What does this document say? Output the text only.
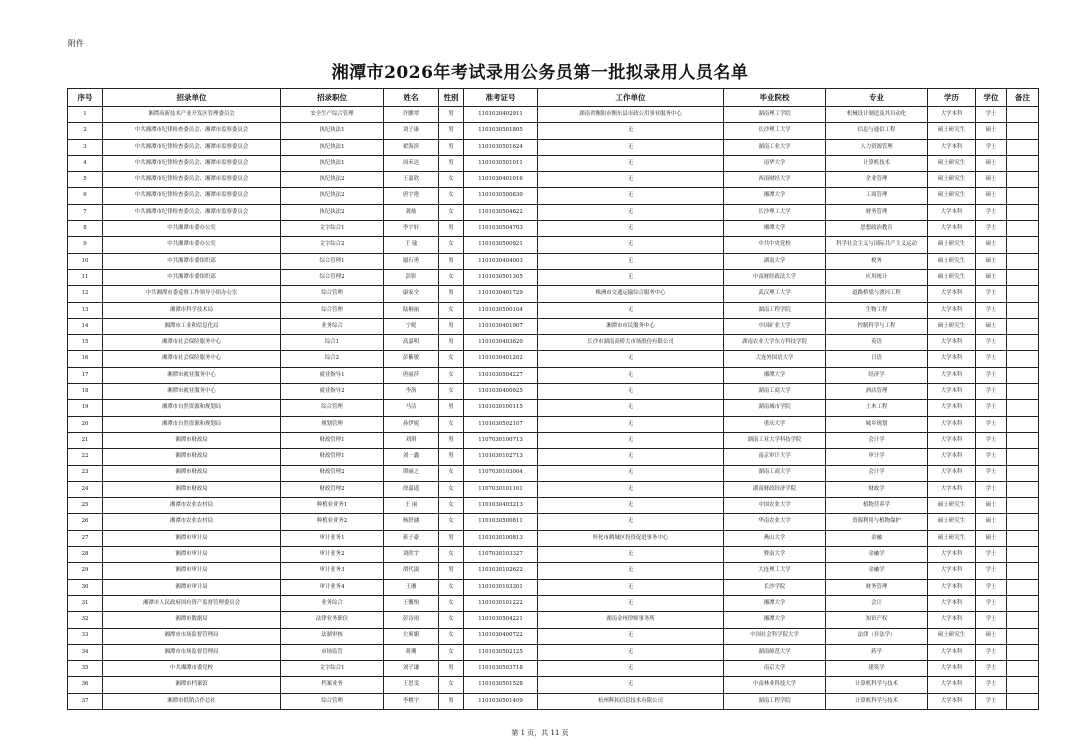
附件
湘潭市2026年考试录用公务员第一批拟录用人员名单
序号	招录单位	招录职位	姓名	性别	准考证号	工作单位	毕业院校	专业	学历	学位	备注
1	湘潭高新技术产业开发区管理委员会	安全生产综合管理	许鹏翠	男	1101030402911	湖南省衡阳市衡东县市政公用事业服务中心	湖南理工学院	机械设计制造及其自动化	大学本科	学士	
2	中共湘潭市纪律检查委员会、湘潭市监察委员会	执纪执法1	刘子康	男	1101030501805	无	长沙理工大学	信息与通信工程	硕士研究生	硕士	
3	中共湘潭市纪律检查委员会、湘潭市监察委员会	执纪执法1	翟海滨	男	1101030501624	无	湖南工业大学	人力资源管理	大学本科	学士	
4	中共湘潭市纪律检查委员会、湘潭市监察委员会	执纪执法1	周禾达	男	1101030501011	无	南华大学	计算机技术	硕士研究生	硕士	
5	中共湘潭市纪律检查委员会、湘潭市监察委员会	执纪执法2	王嘉欣	女	1101030401016	无	西南财经大学	企业管理	硕士研究生	硕士	
6	中共湘潭市纪律检查委员会、湘潭市监察委员会	执纪执法2	唐宇艳	女	1101030500830	无	湘潭大学	工商管理	硕士研究生	硕士	
7	中共湘潭市纪律检查委员会、湘潭市监察委员会	执纪执法2	龚灿	女	1101030504622	无	长沙理工大学	财务管理	大学本科	学士	
8	中共湘潭市委办公室	文字综合1	李宇轩	男	1101030504703	无	湘潭大学	思想政治教育	大学本科	学士	
9	中共湘潭市委办公室	文字综合2	王 瑜	女	1101030500921	无	中共中央党校	科学社会主义与国际共产主义运动	硕士研究生	硕士	
10	中共湘潭市委组织部	综合管理1	谢石勇	男	1101030404003	无	湖南大学	税务	硕士研究生	硕士	
11	中共湘潭市委组织部	综合管理2	彭影	女	1101030501305	无	中南财经政法大学	应用统计	硕士研究生	硕士	
12	中共湘潭市委巡察工作领导小组办公室	综合管理	康家全	男	1101030401729	株洲市交通运输综合服务中心	武汉理工大学	道路桥梁与渡河工程	大学本科	学士	
13	湘潭市科学技术局	综合管理	陆桐丽	女	1101030500104	无	湖南工程学院	生物工程	大学本科	学士	
14	湘潭市工业和信息化局	业务综合	宁妮	男	1101030401907	湘潭市市民服务中心	中国矿业大学	控制科学与工程	硕士研究生	硕士	
15	湘潭市社会保险服务中心	综合1	高嘉明	男	1101030403620	长沙市湖南高桥大市场股份有限公司	湖南农业大学东方科技学院	英语	大学本科	学士	
16	湘潭市社会保险服务中心	综合2	彭紫敏	女	1101030401202	无	大连外国语大学	日语	大学本科	学士	
17	湘潭市就业服务中心	就业指导1	唐丽莎	女	1101030504227	无	湘潭大学	经济学	大学本科	学士	
18	湘潭市就业服务中心	就业指导2	李洛	女	1101030400925	无	湖南工商大学	酒店管理	大学本科	学士	
19	湘潭市自然资源和规划局	综合管理	马洁	男	1101030100115	无	湖南城市学院	土木工程	大学本科	学士	
20	湘潭市自然资源和规划局	规划管理	孙伊妮	女	1101030502107	无	重庆大学	城乡规划	大学本科	学士	
21	湘潭市财政局	财政管理1	刘琪	男	1107030100713	无	湖南工业大学科技学院	会计学	大学本科	学士	
22	湘潭市财政局	财政管理1	刘一鑫	男	1101030102713	无	南京审计大学	审计学	大学本科	学士	
23	湘潭市财政局	财政管理2	谭丽之	女	1107030103004	无	湖南工商大学	会计学	大学本科	学士	
24	湘潭市财政局	财政管理2	徐嘉遥	女	1107030101101	无	湖南财政经济学院	财政学	大学本科	学士	
25	湘潭市农业农村局	种植业业务1	王 丽	女	1101030403213	无	中国农业大学	植物营养学	硕士研究生	硕士	
26	湘潭市农业农村局	种植业业务2	杨舒涵	女	1101030500811	无	华南农业大学	资源利用与植物保护	硕士研究生	硕士	
27	湘潭市审计局	审计业务1	蒋子豪	男	1101030100813	怀化市鹤城区投资促进事务中心	燕山大学	金融	硕士研究生	硕士	
28	湘潭市审计局	审计业务2	刘欣宇	女	1107030103327	无	暨南大学	金融学	大学本科	学士	
29	湘潭市审计局	审计业务3	胡代淑	男	1101030102622	无	大连理工大学	金融学	大学本科	学士	
30	湘潭市审计局	审计业务4	王湘	女	1101030103301	无	长沙学院	财务管理	大学本科	学士	
31	湘潭市人民政府国有资产监督管理委员会	业务综合	王馨怡	女	1101030101222	无	湘潭大学	会计	大学本科	学士	
32	湘潭市数据局	法律业务职位	彭诗雨	女	1101030504221	湖南金州律师事务所	湘潭大学	知识产权	大学本科	学士	
33	湘潭市市场监督管理局	法制审核	左爽媚	女	1101030400722	无	中国社会科学院大学	法律（非法学）	硕士研究生	硕士	
34	湘潭市市场监督管理局	市场监管	蒋珊	女	1101030502125	无	湖南师范大学	药学	大学本科	学士	
35	中共湘潭市委党校	文字综合1	刘子谦	男	1101030503718	无	南京大学	建筑学	大学本科	学士	
36	湘潭市档案馆	档案业务	王思雯	女	1101030501528	无	中南林业科技大学	计算机科学与技术	大学本科	学士	
37	湘潭市供销合作总社	综合管理	李棋宇	男	1101030501409	杭州辉拓信息技术有限公司	湖南工程学院	计算机科学与技术	大学本科	学士	
第 1 页，共 11 页
